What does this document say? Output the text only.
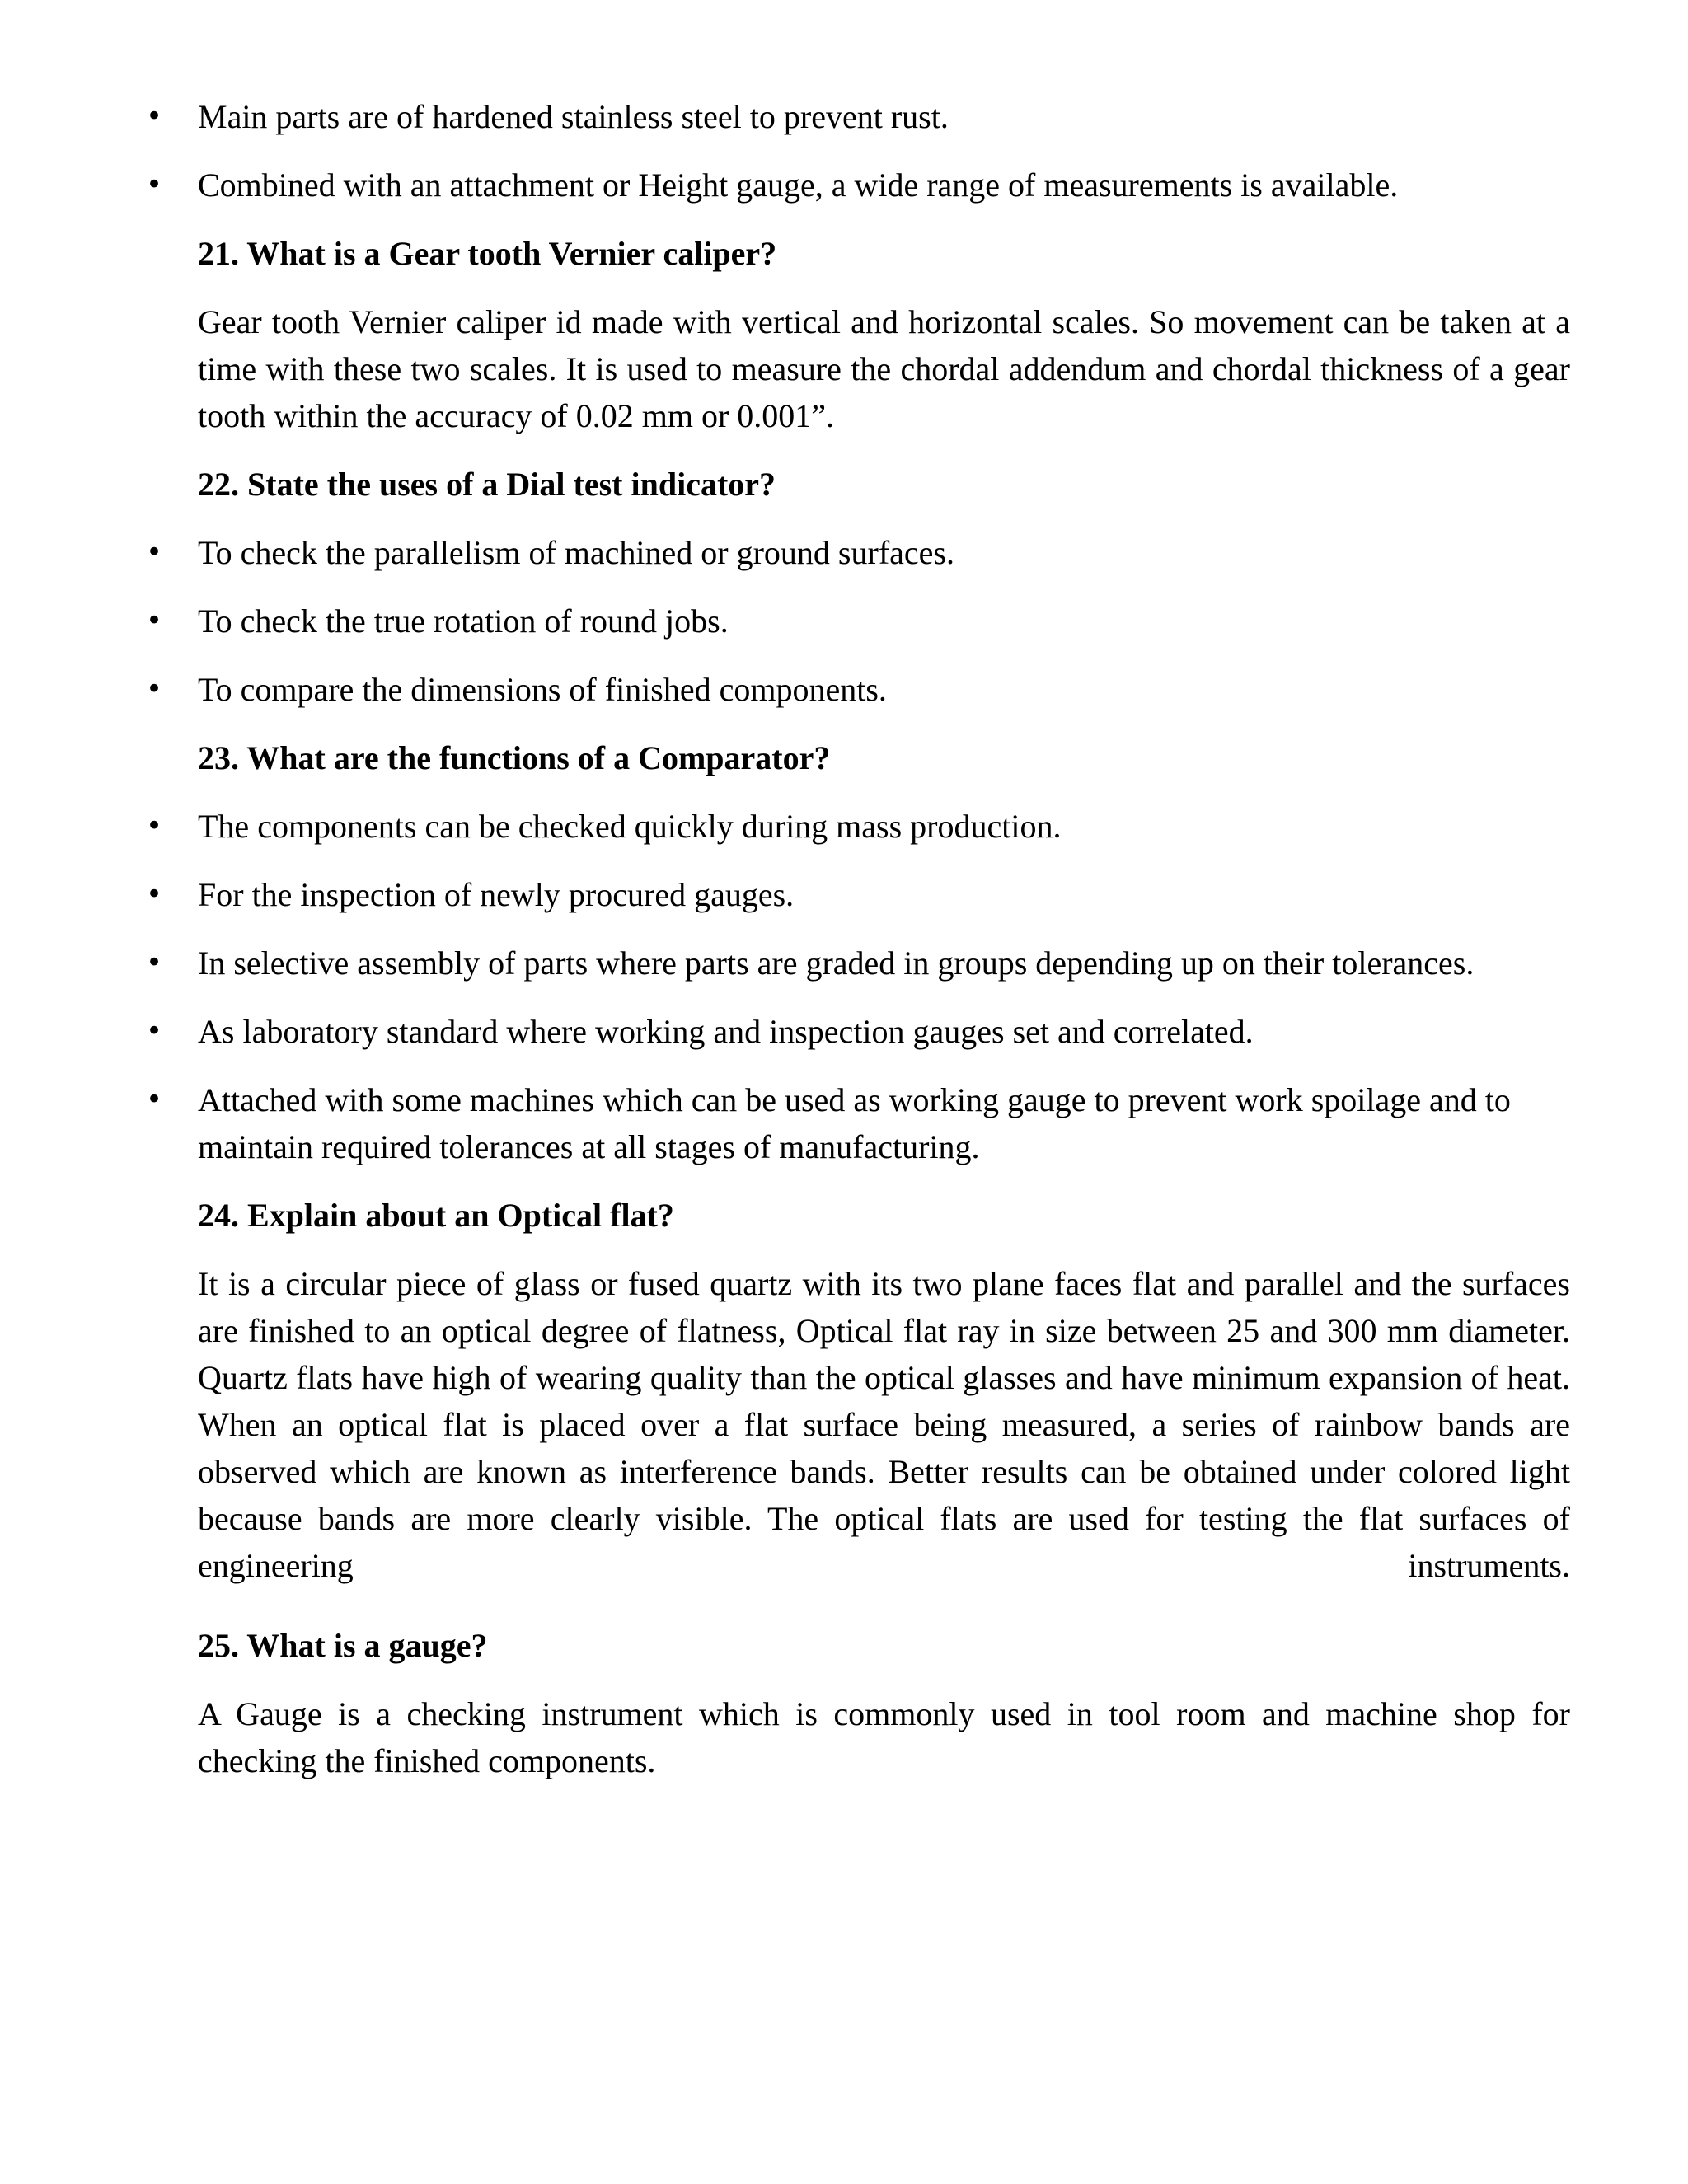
• Main parts are of hardened stainless steel to prevent rust.
• Combined with an attachment or Height gauge, a wide range of measurements is available.
21. What is a Gear tooth Vernier caliper?
Gear tooth Vernier caliper id made with vertical and horizontal scales. So movement can be taken at a time with these two scales. It is used to measure the chordal addendum and chordal thickness of a gear tooth within the accuracy of 0.02 mm or 0.001”.
22. State the uses of a Dial test indicator?
• To check the parallelism of machined or ground surfaces.
• To check the true rotation of round jobs.
• To compare the dimensions of finished components.
23. What are the functions of a Comparator?
• The components can be checked quickly during mass production.
• For the inspection of newly procured gauges.
• In selective assembly of parts where parts are graded in groups depending up on their tolerances.
• As laboratory standard where working and inspection gauges set and correlated.
• Attached with some machines which can be used as working gauge to prevent work spoilage and to maintain required tolerances at all stages of manufacturing.
24. Explain about an Optical flat?
It is a circular piece of glass or fused quartz with its two plane faces flat and parallel and the surfaces are finished to an optical degree of flatness, Optical flat ray in size between 25 and 300 mm diameter. Quartz flats have high of wearing quality than the optical glasses and have minimum expansion of heat. When an optical flat is placed over a flat surface being measured, a series of rainbow bands are observed which are known as interference bands. Better results can be obtained under colored light because bands are more clearly visible. The optical flats are used for testing the flat surfaces of engineering instruments.
25. What is a gauge?
A Gauge is a checking instrument which is commonly used in tool room and machine shop for checking the finished components.
